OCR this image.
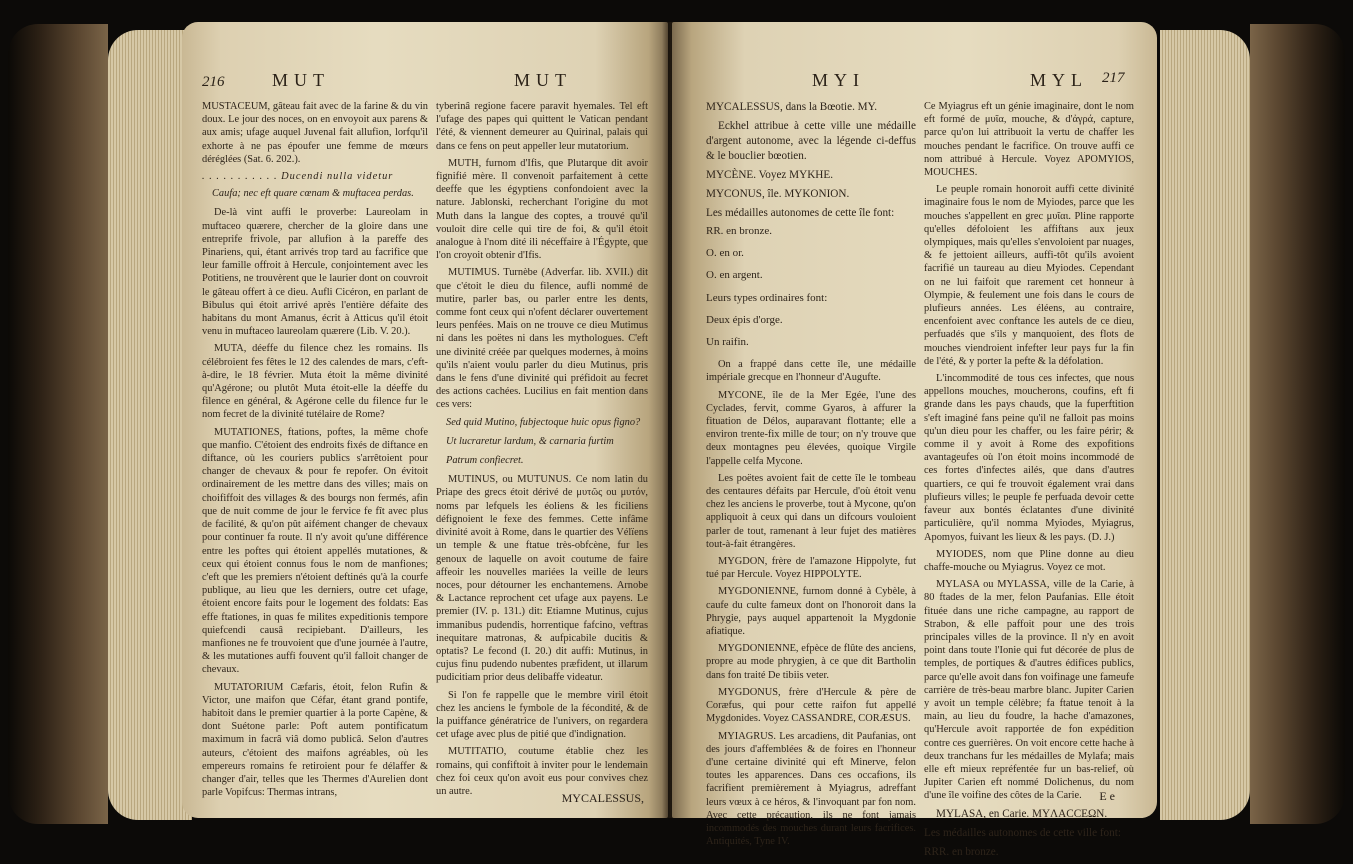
216	MUT	MUT

MUSTACEUM, gâteau fait avec de la farine & du vin doux. Le jour des noces, on en envoyoit aux parens & aux amis; ufage auquel Juvenal fait allufion, lorfqu'il exhorte à ne pas époufer une femme de mœurs déréglées (Sat. 6. 202.).

. . . . . . . . . . . Ducendi nulla videtur

Caufa; nec eft quare cœnam & muftacea perdas.

De-là vint auffi le proverbe: Laureolam in muftaceo quærere, chercher de la gloire dans une entreprife frivole, par allufion à la pareffe des Pinariens, qui, étant arrivés trop tard au facrifice que leur famille offroit à Hercule, conjointement avec les Potitiens, ne trouvèrent que le laurier dont on couvroit le gâteau offert à ce dieu. Aufli Cicéron, en parlant de Bibulus qui étoit arrivé après l'entière défaite des habitans du mont Amanus, écrit à Atticus qu'il étoit venu in muftaceo laureolam quærere (Lib. V. 20.).

MUTA, déeffe du filence chez les romains. Ils célébroient fes fêtes le 12 des calendes de mars, c'eft-à-dire, le 18 février. Muta étoit la même divinité qu'Agérone; ou plutôt Muta étoit-elle la déeffe du filence en général, & Agérone celle du filence fur le nom fecret de la divinité tutélaire de Rome?

MUTATIONES, ftations, poftes, la même chofe que manfio. C'étoient des endroits fixés de diftance en diftance, où les couriers publics s'arrêtoient pour changer de chevaux & pour fe repofer. On évitoit ordinairement de les mettre dans des villes; mais on choififfoit des villages & des bourgs non fermés, afin que de nuit comme de jour le fervice fe fît avec plus de facilité, & qu'on pût aifément changer de chevaux pour continuer fa route. Il n'y avoit qu'une différence entre les poftes qui étoient appellés mutationes, & ceux qui étoient connus fous le nom de manfiones; c'eft que les premiers n'étoient deftinés qu'à la courfe publique, au lieu que les derniers, outre cet ufage, étoient encore faits pour le logement des foldats: Eas effe ftationes, in quas fe milites expeditionis tempore quiefcendi causâ recipiebant. D'ailleurs, les manfiones ne fe trouvoient que d'une journée à l'autre, & les mutationes auffi fouvent qu'il falloit changer de chevaux.

MUTATORIUM Cæfaris, étoit, felon Rufin & Victor, une maifon que Céfar, étant grand pontife, habitoit dans le premier quartier à la porte Capène, & dont Suétone parle: Poft autem pontificatum maximum in facrâ viâ domo publicâ. Selon d'autres auteurs, c'étoient des maifons agréables, où les empereurs romains fe retiroient pour fe délaffer & changer d'air, telles que les Thermes d'Aurelien dont parle Vopifcus: Thermas intrans,

tyberinâ regione facere paravit hyemales. Tel eft l'ufage des papes qui quittent le Vatican pendant l'été, & viennent demeurer au Quirinal, palais qui dans ce fens on peut appeller leur mutatorium.

MUTH, furnom d'Ifis, que Plutarque dit avoir fignifié mère. Il convenoit parfaitement à cette deeffe que les égyptiens confondoient avec la nature. Jablonski, recherchant l'origine du mot Muth dans la langue des coptes, a trouvé qu'il vouloit dire celle qui tire de foi, & qu'il étoit analogue à l'nom dité ili néceffaire à l'Égypte, que l'on croyoit obtenir d'Ifis.

MUTIMUS. Turnèbe (Adverfar. lib. XVII.) dit que c'étoit le dieu du filence, aufli nommé de mutire, parler bas, ou parler entre les dents, comme font ceux qui n'ofent déclarer ouvertement leurs penfées. Mais on ne trouve ce dieu Mutimus ni dans les poëtes ni dans les mythologues. C'eft une divinité créée par quelques modernes, à moins qu'ils n'aient voulu parler du dieu Mutinus, pris dans le fens d'une divinité qui préfidoit au fecret des actions cachées. Lucilius en fait mention dans ces vers:

Sed quid Mutino, fubjectoque huic opus figno?

Ut lucraretur lardum, & carnaria furtim

Patrum confiecret.

MUTINUS, ou MUTUNUS. Ce nom latin du Priape des grecs étoit dérivé de μυτῶς ou μυτόν, noms par lefquels les éoliens & les ficiliens défignoient le fexe des femmes. Cette infâme divinité avoit à Rome, dans le quartier des Vélïens un temple & une ftatue très-obfcène, fur les genoux de laquelle on avoit coutume de faire affeoir les nouvelles mariées la veille de leurs noces, pour détourner les enchantemens. Arnobe & Lactance reprochent cet ufage aux payens. Le premier (IV. p. 131.) dit: Etiamne Mutinus, cujus immanibus pudendis, horrentique fafcino, veftras inequitare matronas, & aufpicabile ducitis & optatis? Le fecond (I. 20.) dit auffi: Mutinus, in cujus finu pudendo nubentes præfident, ut illarum pudicitiam prior deus delibaffe videatur.

Si l'on fe rappelle que le membre viril étoit chez les anciens le fymbole de la fécondité, & de la puiffance génératrice de l'univers, on regardera cet ufage avec plus de pitié que d'indignation.

MUTITATIO, coutume établie chez les romains, qui confiftoit à inviter pour le lendemain chez foi ceux qu'on avoit eus pour convives chez un autre.	MYCALESSUS,
MYI	MYL 217

MYCALESSUS, dans la Bœotie. MY.

Eckhel attribue à cette ville une médaille d'argent autonome, avec la légende ci-deffus & le bouclier bœotien.

MYCÈNE. Voyez MYKHE.

MYCONUS, île. MYKONION.

Les médailles autonomes de cette île font:

RR. en bronze.

O. en or.

O. en argent.

Leurs types ordinaires font:

Deux épis d'orge.

Un raifin.

On a frappé dans cette île, une médaille impériale grecque en l'honneur d'Augufte.

MYCONE, île de la Mer Egée, l'une des Cyclades, fervit, comme Gyaros, à affurer la fituation de Délos, auparavant flottante; elle a environ trente-fix mille de tour; on n'y trouve que deux montagnes peu élevées, quoique Virgile l'appelle celfa Mycone.

Les poëtes avoient fait de cette île le tombeau des centaures défaits par Hercule, d'où étoit venu chez les anciens le proverbe, tout à Mycone, qu'on appliquoit à ceux qui dans un difcours vouloient parler de tout, ramenant à leur fujet des matières tout-à-fait étrangères.

MYGDON, frère de l'amazone Hippolyte, fut tué par Hercule. Voyez HIPPOLYTE.

MYGDONIENNE, furnom donné à Cybèle, à caufe du culte fameux dont on l'honoroit dans la Phrygie, pays auquel appartenoit la Mygdonie afiatique.

MYGDONIENNE, efpèce de flûte des anciens, propre au mode phrygien, à ce que dit Bartholin dans fon traité De tibiis veter.

MYGDONUS, frère d'Hercule & père de Coræfus, qui pour cette raifon fut appellé Mygdonides. Voyez CASSANDRE, CORÆSUS.

MYIAGRUS. Les arcadiens, dit Paufanias, ont des jours d'affemblées & de foires en l'honneur d'une certaine divinité qui eft Minerve, felon toutes les apparences. Dans ces occafions, ils facrifient premièrement à Myiagrus, adreffant leurs vœux à ce héros, & l'invoquant par fon nom. Avec cette précaution, ils ne font jamais incommodés des mouches durant leurs facrifices. Antiquités, Tyne IV.

Ce Myiagrus eft un génie imaginaire, dont le nom eft formé de μυῖα, mouche, & d'ἀγρά, capture, parce qu'on lui attribuoit la vertu de chaffer les mouches pendant le facrifice. On trouve auffi ce nom attribué à Hercule. Voyez APOMYIOS, MOUCHES.

Le peuple romain honoroit auffi cette divinité imaginaire fous le nom de Myiodes, parce que les mouches s'appellent en grec μυῖαι. Pline rapporte qu'elles défoloient les affiftans aux jeux olympiques, mais qu'elles s'envoloient par nuages, & fe jettoient ailleurs, auffi-tôt qu'ils avoient facrifié un taureau au dieu Myiodes. Cependant on ne lui faifoit que rarement cet honneur à Olympie, & feulement une fois dans le cours de plufieurs années. Les éléens, au contraire, encenfoient avec conftance les autels de ce dieu, perfuadés que s'ils y manquoient, des flots de mouches viendroient infefter leur pays fur la fin de l'été, & y porter la pefte & la défolation.

L'incommodité de tous ces infectes, que nous appellons mouches, moucherons, coufins, eft fi grande dans les pays chauds, que la fuperftition s'eft imaginé fans peine qu'il ne falloit pas moins qu'un dieu pour les chaffer, ou les faire périr; & comme il y avoit à Rome des expofitions avantageufes où l'on étoit moins incommodé de ces fortes d'infectes ailés, que dans d'autres quartiers, ce qui fe trouvoit également vrai dans plufieurs villes; le peuple fe perfuada devoir cette faveur aux bontés éclatantes d'une divinité particulière, qu'il nomma Myiodes, Myiagrus, Apomyos, fuivant les lieux & les pays. (D. J.)

MYIODES, nom que Pline donne au dieu chaffe-mouche ou Myiagrus. Voyez ce mot.

MYLASA ou MYLASSA, ville de la Carie, à 80 ftades de la mer, felon Paufanias. Elle étoit fituée dans une riche campagne, au rapport de Strabon, & elle paffoit pour une des trois principales villes de la province. Il n'y en avoit point dans toute l'Ionie qui fut décorée de plus de temples, de portiques & d'autres édifices publics, parce qu'elle avoit dans fon voifinage une fameufe carrière de très-beau marbre blanc. Jupiter Carien y avoit un temple célèbre; fa ftatue tenoit à la main, au lieu du foudre, la hache d'amazones, qu'Hercule avoit rapportée de fon expédition contre ces guerrières. On voit encore cette hache à deux tranchans fur les médailles de Mylafa; mais elle eft mieux repréfentée fur un bas-relief, où Jupiter Carien eft nommé Dolichenus, du nom d'une île voifine des côtes de la Carie.

MYLASA, en Carie. MYΛACCEΩN.

Les médailles autonomes de cette ville font:

RRR. en bronze.

E e
